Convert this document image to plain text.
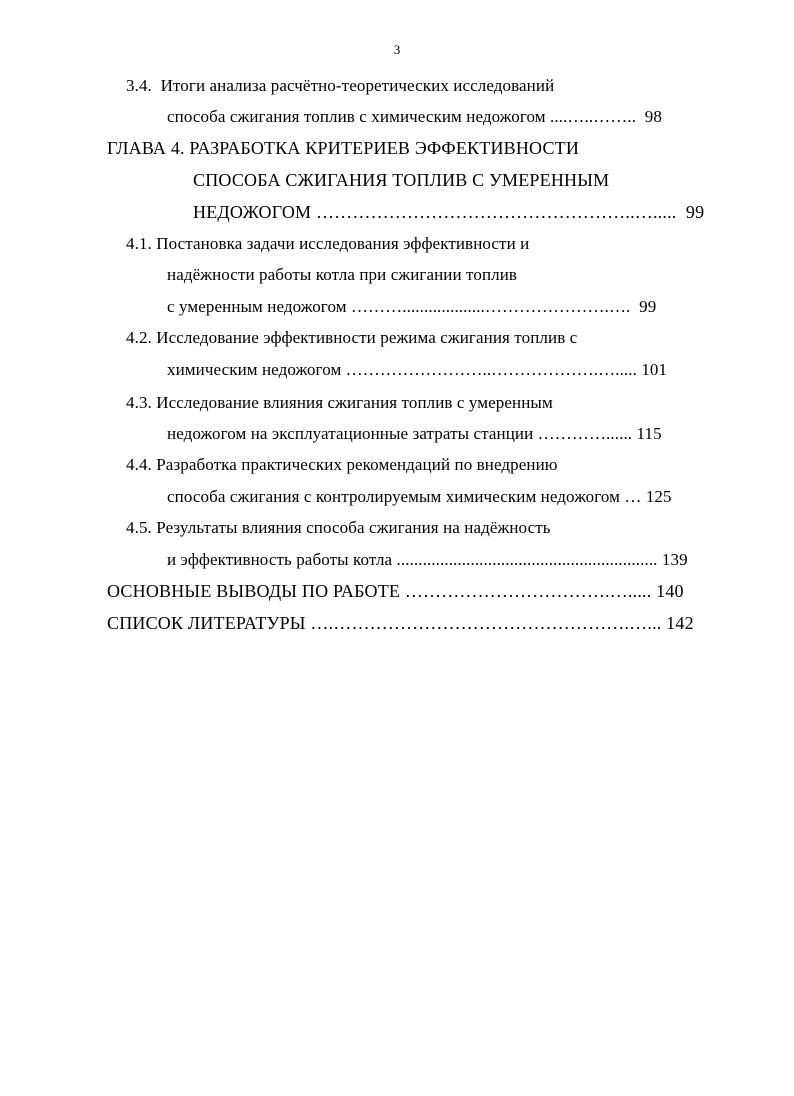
3
3.4.  Итоги анализа расчётно-теоретических исследований
способа сжигания топлив с химическим недожогом ....…..……..  98
ГЛАВА 4. РАЗРАБОТКА КРИТЕРИЕВ ЭФФЕКТИВНОСТИ
СПОСОБА СЖИГАНИЯ ТОПЛИВ С УМЕРЕННЫМ
НЕДОЖОГОМ ……………………………………………..….....  99
4.1. Постановка задачи исследования эффективности и
надёжности работы котла при сжигании топлив
с умеренным недожогом ………...................………………….….  99
4.2. Исследование эффективности режима сжигания топлив с
химическим недожогом ……………………..……………….…..... 101
4.3. Исследование влияния сжигания топлив с умеренным
недожогом на эксплуатационные затраты станции …………...... 115
4.4. Разработка практических рекомендаций по внедрению
способа сжигания с контролируемым химическим недожогом … 125
4.5. Результаты влияния способа сжигания на надёжность
и эффективность работы котла ............................................................ 139
ОСНОВНЫЕ ВЫВОДЫ ПО РАБОТЕ …………………………….…..... 140
СПИСОК ЛИТЕРАТУРЫ ….………………………………………….…... 142
